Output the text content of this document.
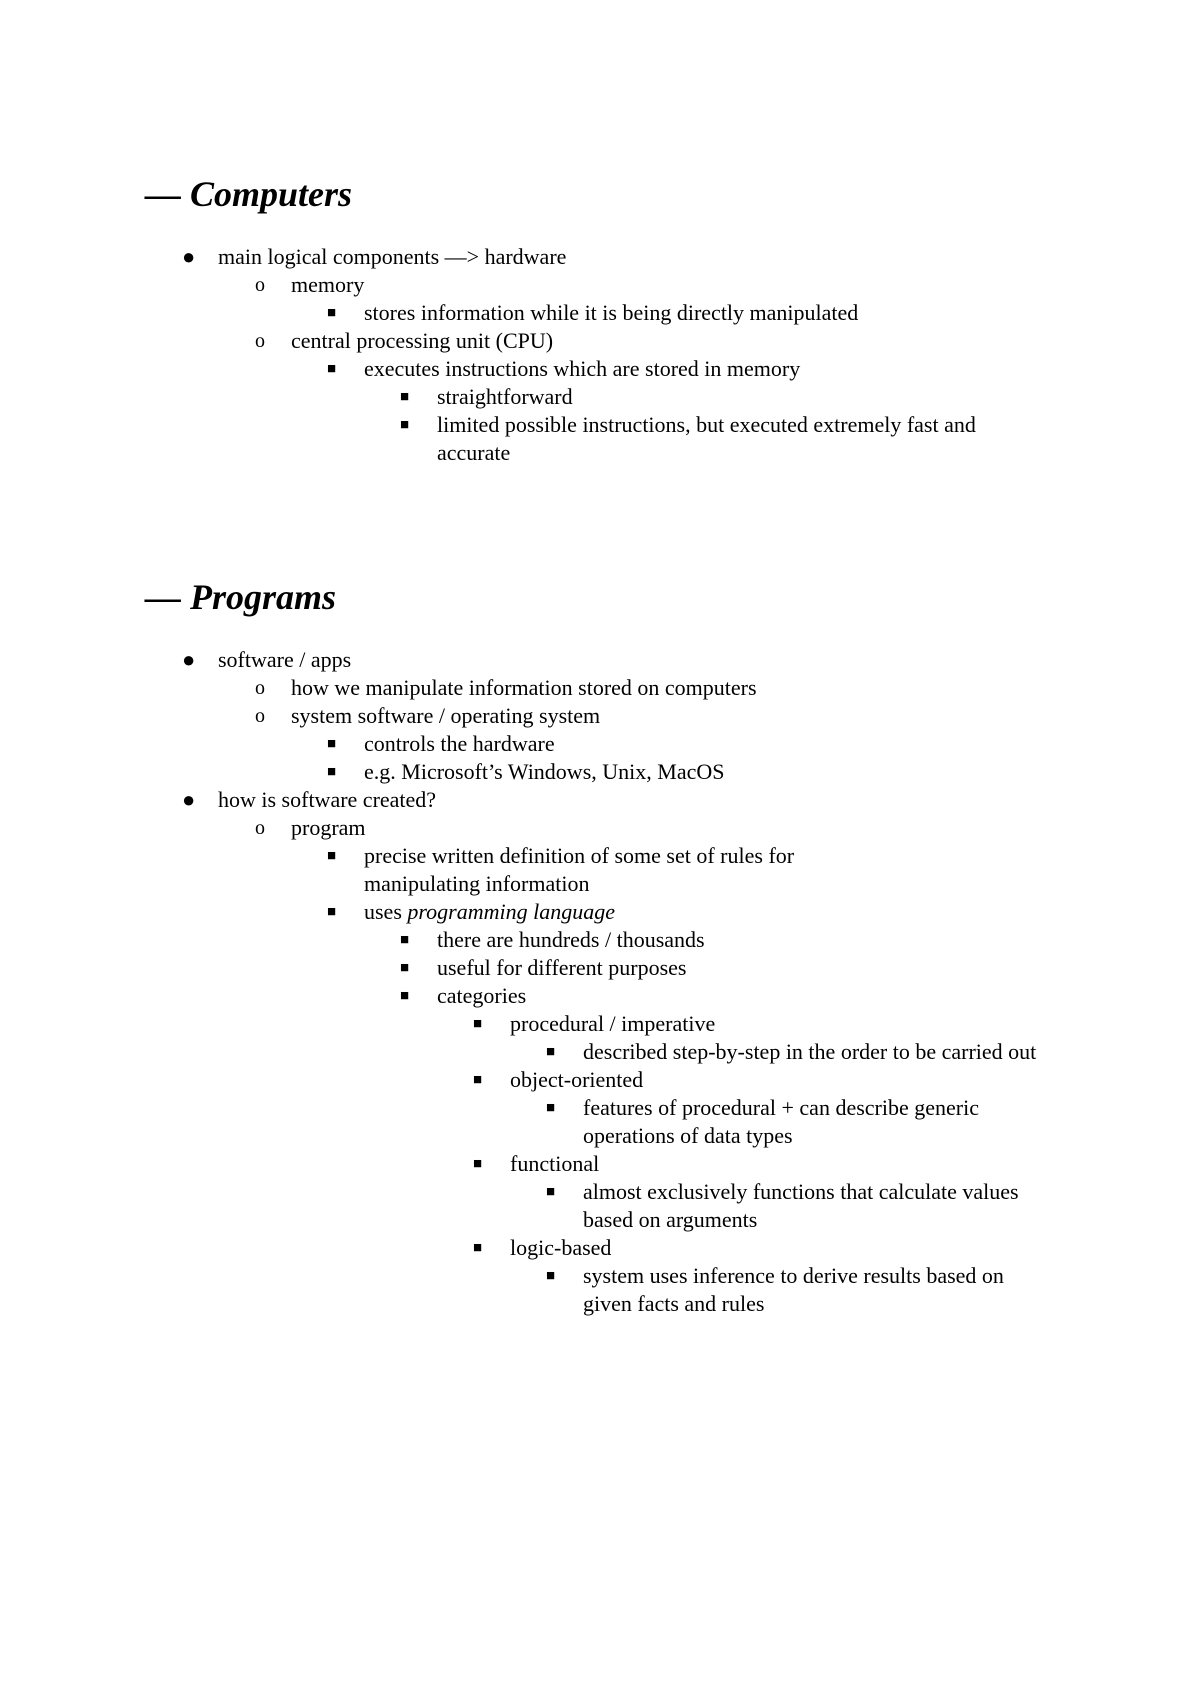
— Computers
● main logical components —> hardware
o memory
■ stores information while it is being directly manipulated
o central processing unit (CPU)
■ executes instructions which are stored in memory
■ straightforward
■ limited possible instructions, but executed extremely fast and accurate
— Programs
● software / apps
o how we manipulate information stored on computers
o system software / operating system
■ controls the hardware
■ e.g. Microsoft’s Windows, Unix, MacOS
● how is software created?
o program
■ precise written definition of some set of rules for manipulating information
■ uses programming language
■ there are hundreds / thousands
■ useful for different purposes
■ categories
■ procedural / imperative
■ described step-by-step in the order to be carried out
■ object-oriented
■ features of procedural + can describe generic operations of data types
■ functional
■ almost exclusively functions that calculate values based on arguments
■ logic-based
■ system uses inference to derive results based on given facts and rules
